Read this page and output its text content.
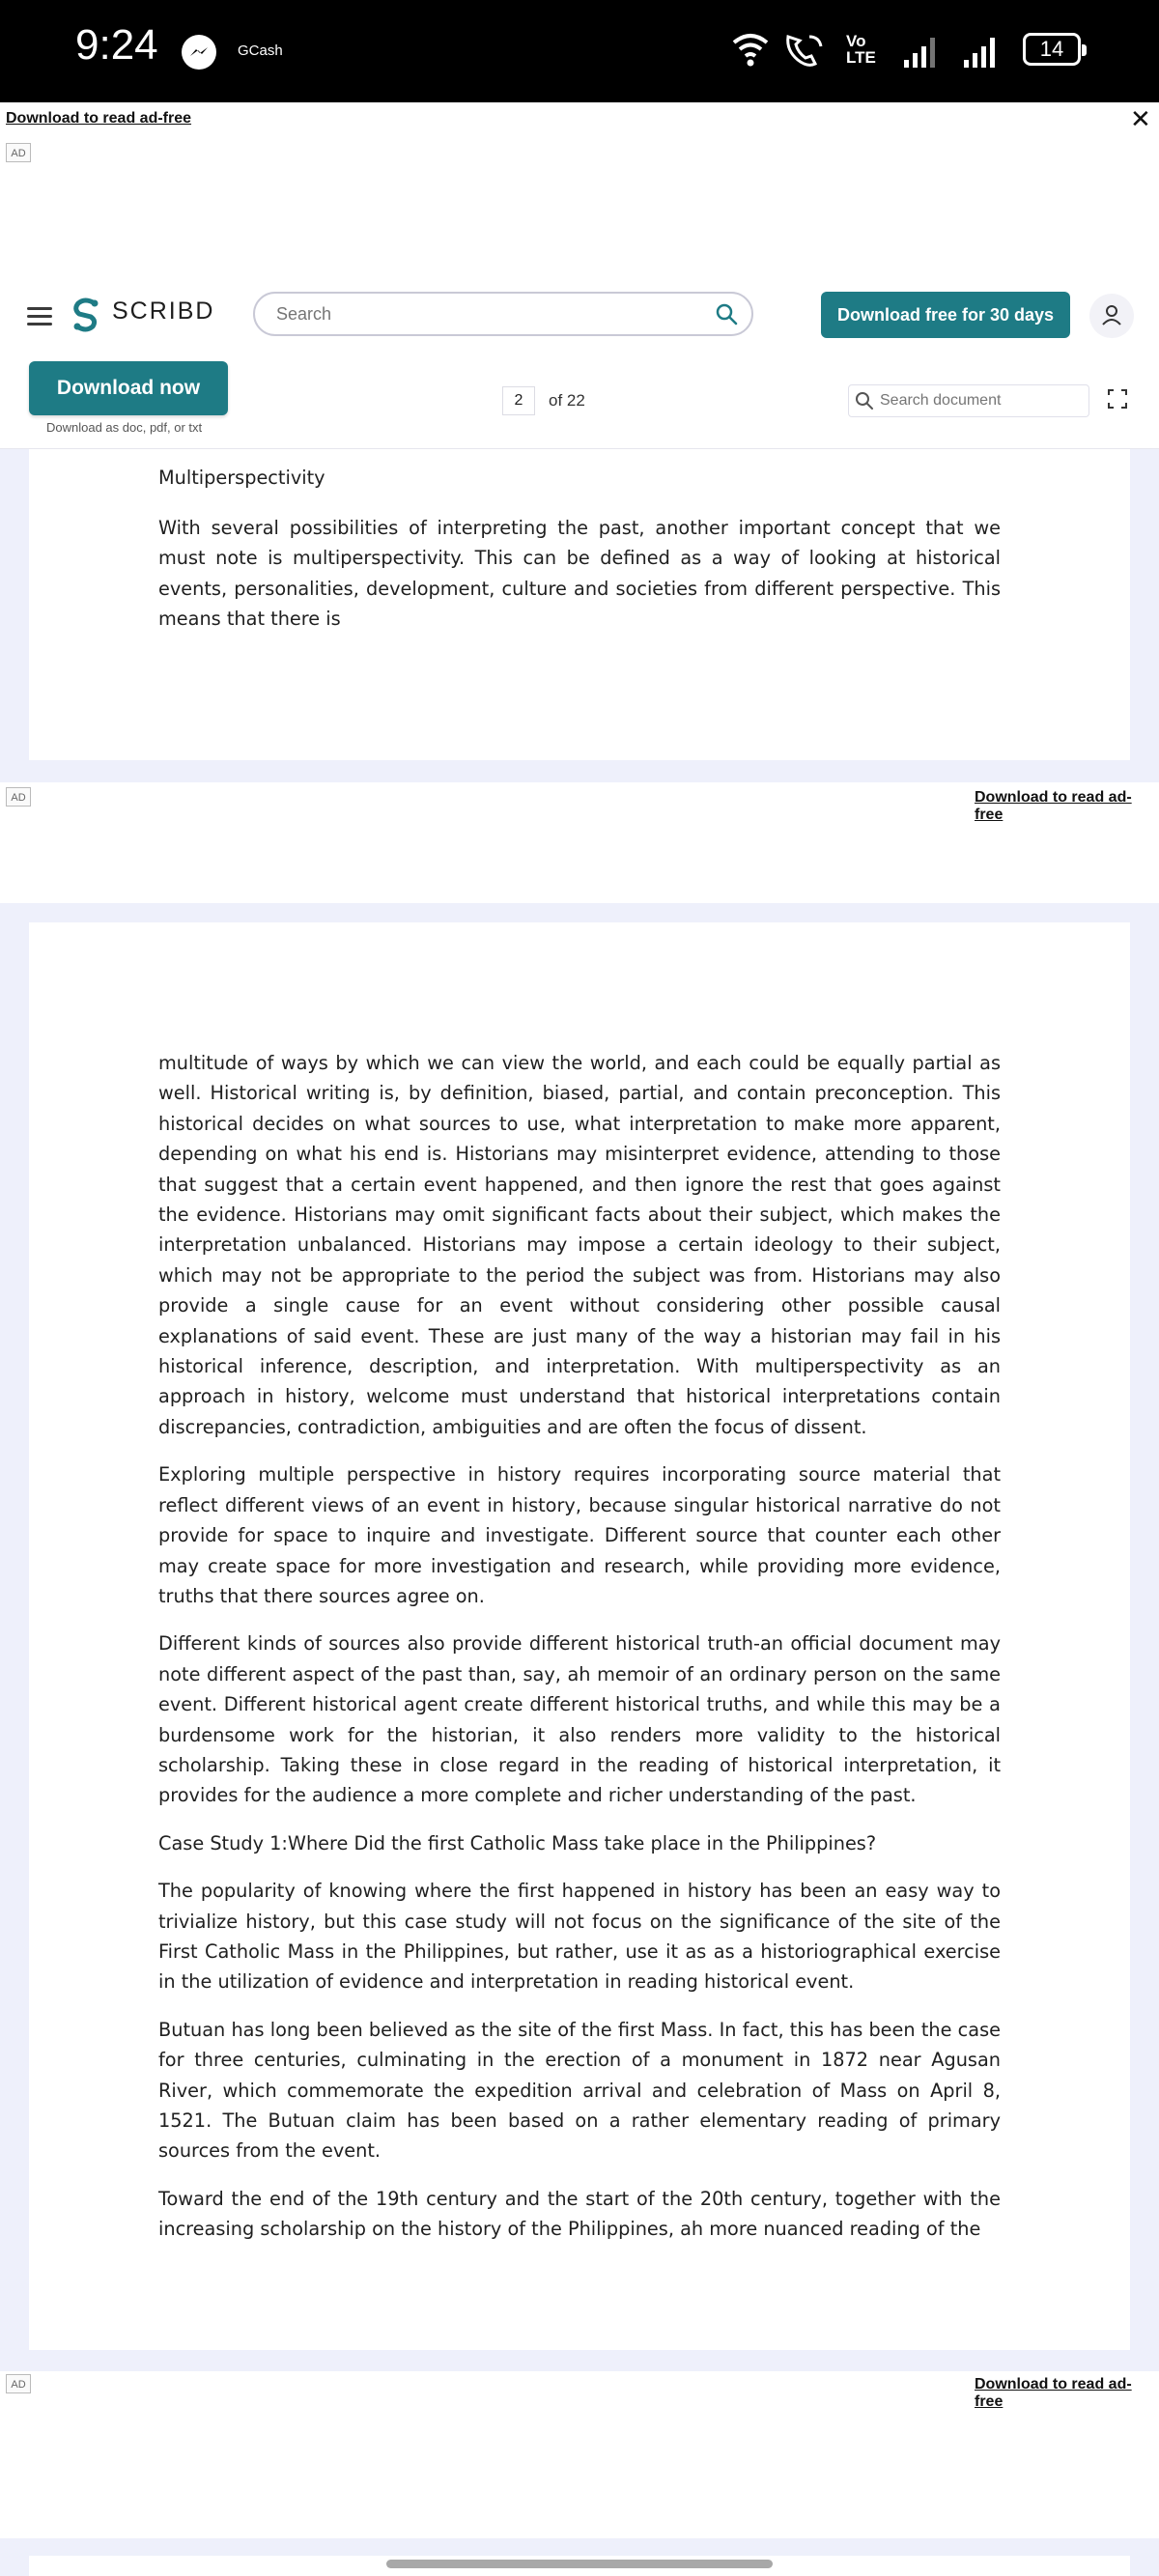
9:24	GCash
Vo LTE	14
Download to read ad-free
AD
✕
SCRIBD
Search	Download free for 30 days
Download now
Download as doc, pdf, or txt
2	of 22
Search document
Multiperspectivity

With several possibilities of interpreting the past, another important concept that we must note is multiperspectivity. This can be defined as a way of looking at historical events, personalities, development, culture and societies from different perspective. This means that there is

AD	Download to read ad-free

multitude of ways by which we can view the world, and each could be equally partial as well. Historical writing is, by definition, biased, partial, and contain preconception. This historical decides on what sources to use, what interpretation to make more apparent, depending on what his end is. Historians may misinterpret evidence, attending to those that suggest that a certain event happened, and then ignore the rest that goes against the evidence. Historians may omit significant facts about their subject, which makes the interpretation unbalanced. Historians may impose a certain ideology to their subject, which may not be appropriate to the period the subject was from. Historians may also provide a single cause for an event without considering other possible causal explanations of said event. These are just many of the way a historian may fail in his historical inference, description, and interpretation. With multiperspectivity as an approach in history, welcome must understand that historical interpretations contain discrepancies, contradiction, ambiguities and are often the focus of dissent.

Exploring multiple perspective in history requires incorporating source material that reflect different views of an event in history, because singular historical narrative do not provide for space to inquire and investigate. Different source that counter each other may create space for more investigation and research, while providing more evidence, truths that there sources agree on.

Different kinds of sources also provide different historical truth-an official document may note different aspect of the past than, say, ah memoir of an ordinary person on the same event. Different historical agent create different historical truths, and while this may be a burdensome work for the historian, it also renders more validity to the historical scholarship. Taking these in close regard in the reading of historical interpretation, it provides for the audience a more complete and richer understanding of the past.

Case Study 1:Where Did the first Catholic Mass take place in the Philippines?

The popularity of knowing where the first happened in history has been an easy way to trivialize history, but this case study will not focus on the significance of the site of the First Catholic Mass in the Philippines, but rather, use it as as a historiographical exercise in the utilization of evidence and interpretation in reading historical event.

Butuan has long been believed as the site of the first Mass. In fact, this has been the case for three centuries, culminating in the erection of a monument in 1872 near Agusan River, which commemorate the expedition arrival and celebration of Mass on April 8, 1521. The Butuan claim has been based on a rather elementary reading of primary sources from the event.

Toward the end of the 19th century and the start of the 20th century, together with the increasing scholarship on the history of the Philippines, ah more nuanced reading of the

AD	Download to read ad-free
